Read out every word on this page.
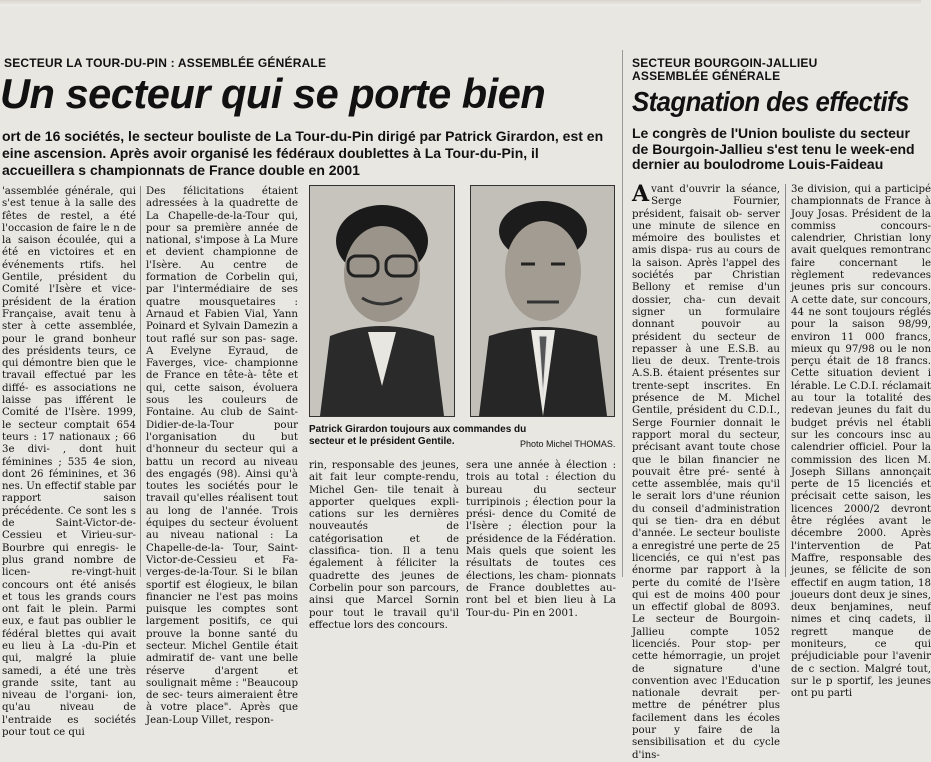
SECTEUR LA TOUR-DU-PIN : ASSEMBLÉE GÉNÉRALE
Un secteur qui se porte bien
ort de 16 sociétés, le secteur bouliste de La Tour-du-Pin dirigé par Patrick Girardon, est en eine ascension. Après avoir organisé les fédéraux doublettes à La Tour-du-Pin, il accueillera s championnats de France double en 2001

'assemblée générale, qui s'est tenue à la salle des fêtes de restel, a été l'occasion de faire le n de la saison écoulée, qui a été en victoires et en événements rtifs. hel Gentile, président du Comité l'Isère et vice-président de la ération Française, avait tenu à ster à cette assemblée, pour le grand bonheur des présidents teurs, ce qui démontre bien que le travail effectué par les diffé- es associations ne laisse pas ifférent le Comité de l'Isère. 1999, le secteur comptait 654 teurs : 17 nationaux ; 66 3e divi- , dont huit féminines ; 535 4e sion, dont 26 féminines, et 36 nes. Un effectif stable par rapport saison précédente. Ce sont les s de Saint-Victor-de-Cessieu et Virieu-sur-Bourbre qui enregis- le plus grand nombre de licen- re-vingt-huit concours ont été anisés et tous les grands cours ont fait le plein. Parmi eux, e faut pas oublier le fédéral blettes qui avait eu lieu à La -du-Pin et qui, malgré la pluie samedi, a été une très grande ssite, tant au niveau de l'organi- ion, qu'au niveau de l'entraide es sociétés pour tout ce qui

Des félicitations étaient adressées à la quadrette de La Chapelle-de-la-Tour qui, pour sa première année de national, s'impose à La Mure et devient championne de l'Isère. Au centre de formation de Corbelin qui, par l'intermédiaire de ses quatre mousquetaires : Arnaud et Fabien Vial, Yann Poinard et Sylvain Damezin a tout raflé sur son pas- sage. A Evelyne Eyraud, de Faverges, vice- championne de France en tête-à- tête et qui, cette saison, évoluera sous les couleurs de Fontaine. Au club de Saint-Didier-de-la-Tour pour l'organisation du but d'honneur du secteur qui a battu un record au niveau des engagés (98). Ainsi qu'à toutes les sociétés pour le travail qu'elles réalisent tout au long de l'année. Trois équipes du secteur évoluent au niveau national : La Chapelle-de-la- Tour, Saint-Victor-de-Cessieu et Fa- verges-de-la-Tour. Si le bilan sportif est élogieux, le bilan financier ne l'est pas moins puisque les comptes sont largement positifs, ce qui prouve la bonne santé du secteur. Michel Gentile était admiratif de- vant une belle réserve d'argent et soulignait même : "Beaucoup de sec- teurs aimeraient être à votre place". Après que Jean-Loup Villet, respon-

Patrick Girardon toujours aux commandes du secteur et le président Gentile.	Photo Michel THOMAS.

rin, responsable des jeunes, ait fait leur compte-rendu, Michel Gen- tile tenait à apporter quelques expli- cations sur les dernières nouveautés de catégorisation et de classifica- tion. Il a tenu également à féliciter la quadrette des jeunes de Corbelin pour son parcours, ainsi que Marcel Sornin pour tout le travail qu'il effectue lors des concours.

sera une année à élection : trois au total : élection du bureau du secteur turripinois ; élection pour la prési- dence du Comité de l'Isère ; élection pour la présidence de la Fédération. Mais quels que soient les résultats de toutes ces élections, les cham- pionnats de France doublettes au- ront bel et bien lieu à La Tour-du- Pin en 2001.

SECTEUR BOURGOIN-JALLIEU
ASSEMBLÉE GÉNÉRALE
Stagnation des effectifs
Le congrès de l'Union bouliste du secteur de Bourgoin-Jallieu s'est tenu le week-end dernier au boulodrome Louis-Faideau
Avant d'ouvrir la séance, Serge Fournier, président, faisait ob- server une minute de silence en mémoire des boulistes et amis dispa- rus au cours de la saison. Après l'appel des sociétés par Christian Bellony et remise d'un dossier, cha- cun devait signer un formulaire donnant pouvoir au président du secteur de repasser à une E.S.B. au lieu de deux. Trente-trois A.S.B. étaient présentes sur trente-sept inscrites. En présence de M. Michel Gentile, président du C.D.I., Serge Fournier donnait le rapport moral du secteur, précisant avant toute chose que le bilan financier ne pouvait être pré- senté à cette assemblée, mais qu'il le serait lors d'une réunion du conseil d'administration qui se tien- dra en début d'année. Le secteur bouliste a enregistré une perte de 25 licenciés, ce qui n'est pas énorme par rapport à la perte du comité de l'Isère qui est de moins 400 pour un effectif global de 8093. Le secteur de Bourgoin-Jallieu compte 1052 licenciés. Pour stop- per cette hémorragie, un projet de signature d'une convention avec l'Education nationale devrait per- mettre de pénétrer plus facilement dans les écoles pour y faire de la sensibilisation et du cycle d'ins-

3e division, qui a participé championnats de France à Jouy Josas. Président de la commiss concours-calendrier, Christian lony avait quelques remontranc faire concernant le règlement redevances jeunes pris sur concours. A cette date, sur concours, 44 ne sont toujours réglés pour la saison 98/99, environ 11 000 francs, mieux qu 97/98 ou le non perçu était de 18 francs. Cette situation devient i lérable. Le C.D.I. réclamait au tour la totalité des redevan jeunes du fait du budget prévis nel établi sur les concours insc au calendrier officiel. Pour la commission des licen M. Joseph Sillans annonçait perte de 15 licenciés et précisait cette saison, les licences 2000/2 devront être réglées avant le décembre 2000. Après l'intervention de Pat Maffre, responsable des jeunes, se félicite de son effectif en augm tation, 18 joueurs dont deux je sines, deux benjamines, neuf nimes et cinq cadets, il regrett manque de moniteurs, ce qui préjudiciable pour l'avenir de c section. Malgré tout, sur le p sportif, les jeunes ont pu parti
